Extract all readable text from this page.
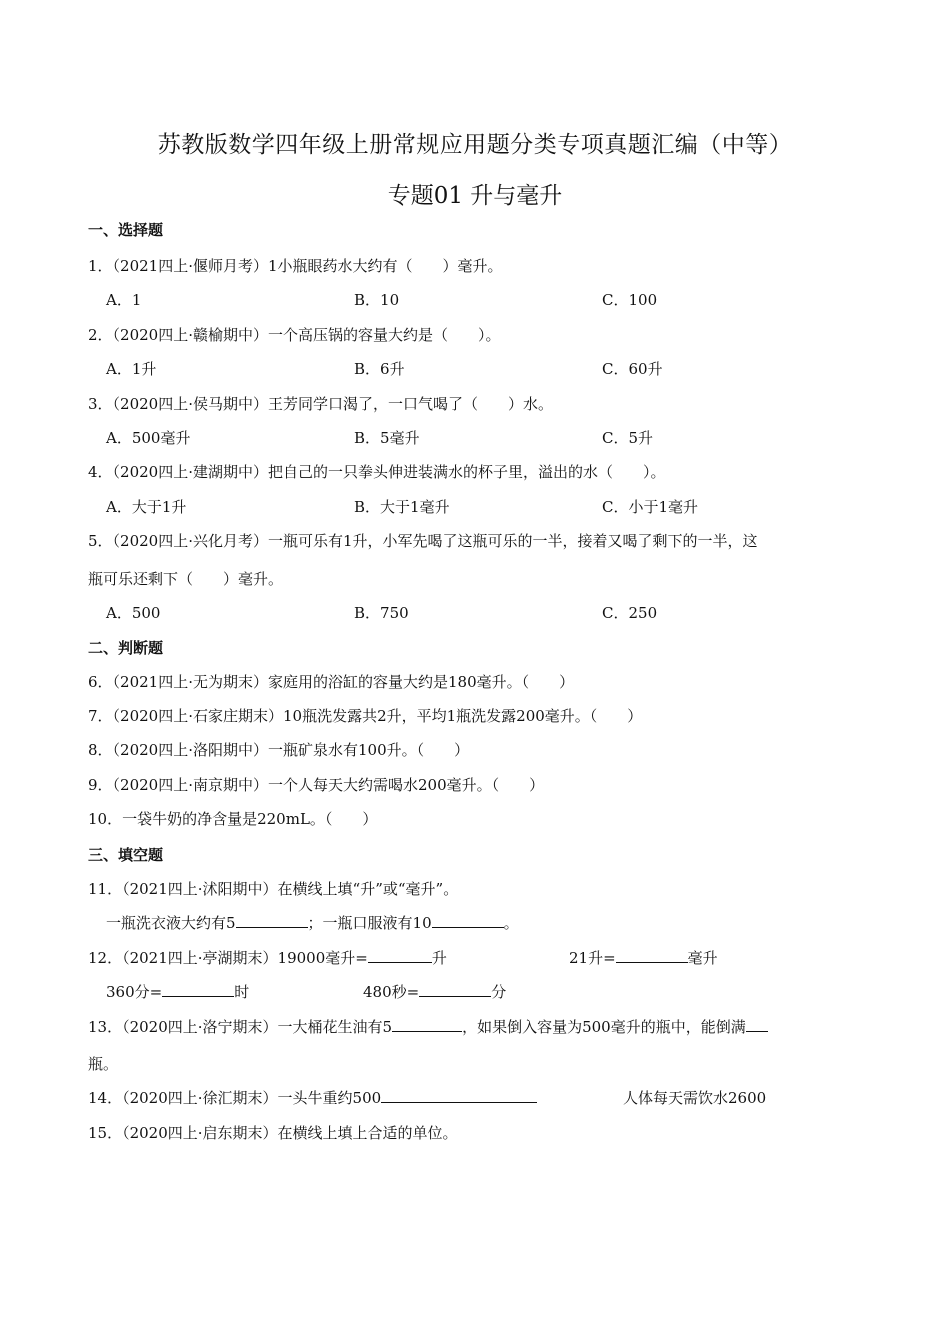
苏教版数学四年级上册常规应用题分类专项真题汇编（中等）
专题01 升与毫升
一、选择题
1．（2021四上·偃师月考）1小瓶眼药水大约有（　　）毫升。
A．1	B．10	C．100
2．（2020四上·赣榆期中）一个高压锅的容量大约是（　　）。
A．1升	B．6升	C．60升
3．（2020四上·侯马期中）王芳同学口渴了，一口气喝了（　　）水。
A．500毫升	B．5毫升	C．5升
4．（2020四上·建湖期中）把自己的一只拳头伸进装满水的杯子里，溢出的水（　　）。
A．大于1升	B．大于1毫升	C．小于1毫升
5．（2020四上·兴化月考）一瓶可乐有1升，小军先喝了这瓶可乐的一半，接着又喝了剩下的一半，这
瓶可乐还剩下（　　）毫升。
A．500	B．750	C．250
二、判断题
6．（2021四上·无为期末）家庭用的浴缸的容量大约是180毫升。（　　）
7．（2020四上·石家庄期末）10瓶洗发露共2升，平均1瓶洗发露200毫升。（　　）
8．（2020四上·洛阳期中）一瓶矿泉水有100升。（　　）
9．（2020四上·南京期中）一个人每天大约需喝水200毫升。（　　）
10．一袋牛奶的净含量是220mL。（　　）
三、填空题
11．（2021四上·沭阳期中）在横线上填“升”或“毫升”。
一瓶洗衣液大约有5	；一瓶口服液有10	。
12．（2021四上·亭湖期末）19000毫升=	升	21升=	毫升
360分=	时	480秒=	分
13．（2020四上·洛宁期末）一大桶花生油有5	，如果倒入容量为500毫升的瓶中，能倒满
瓶。
14．（2020四上·徐汇期末）一头牛重约500	人体每天需饮水2600
15．（2020四上·启东期末）在横线上填上合适的单位。
